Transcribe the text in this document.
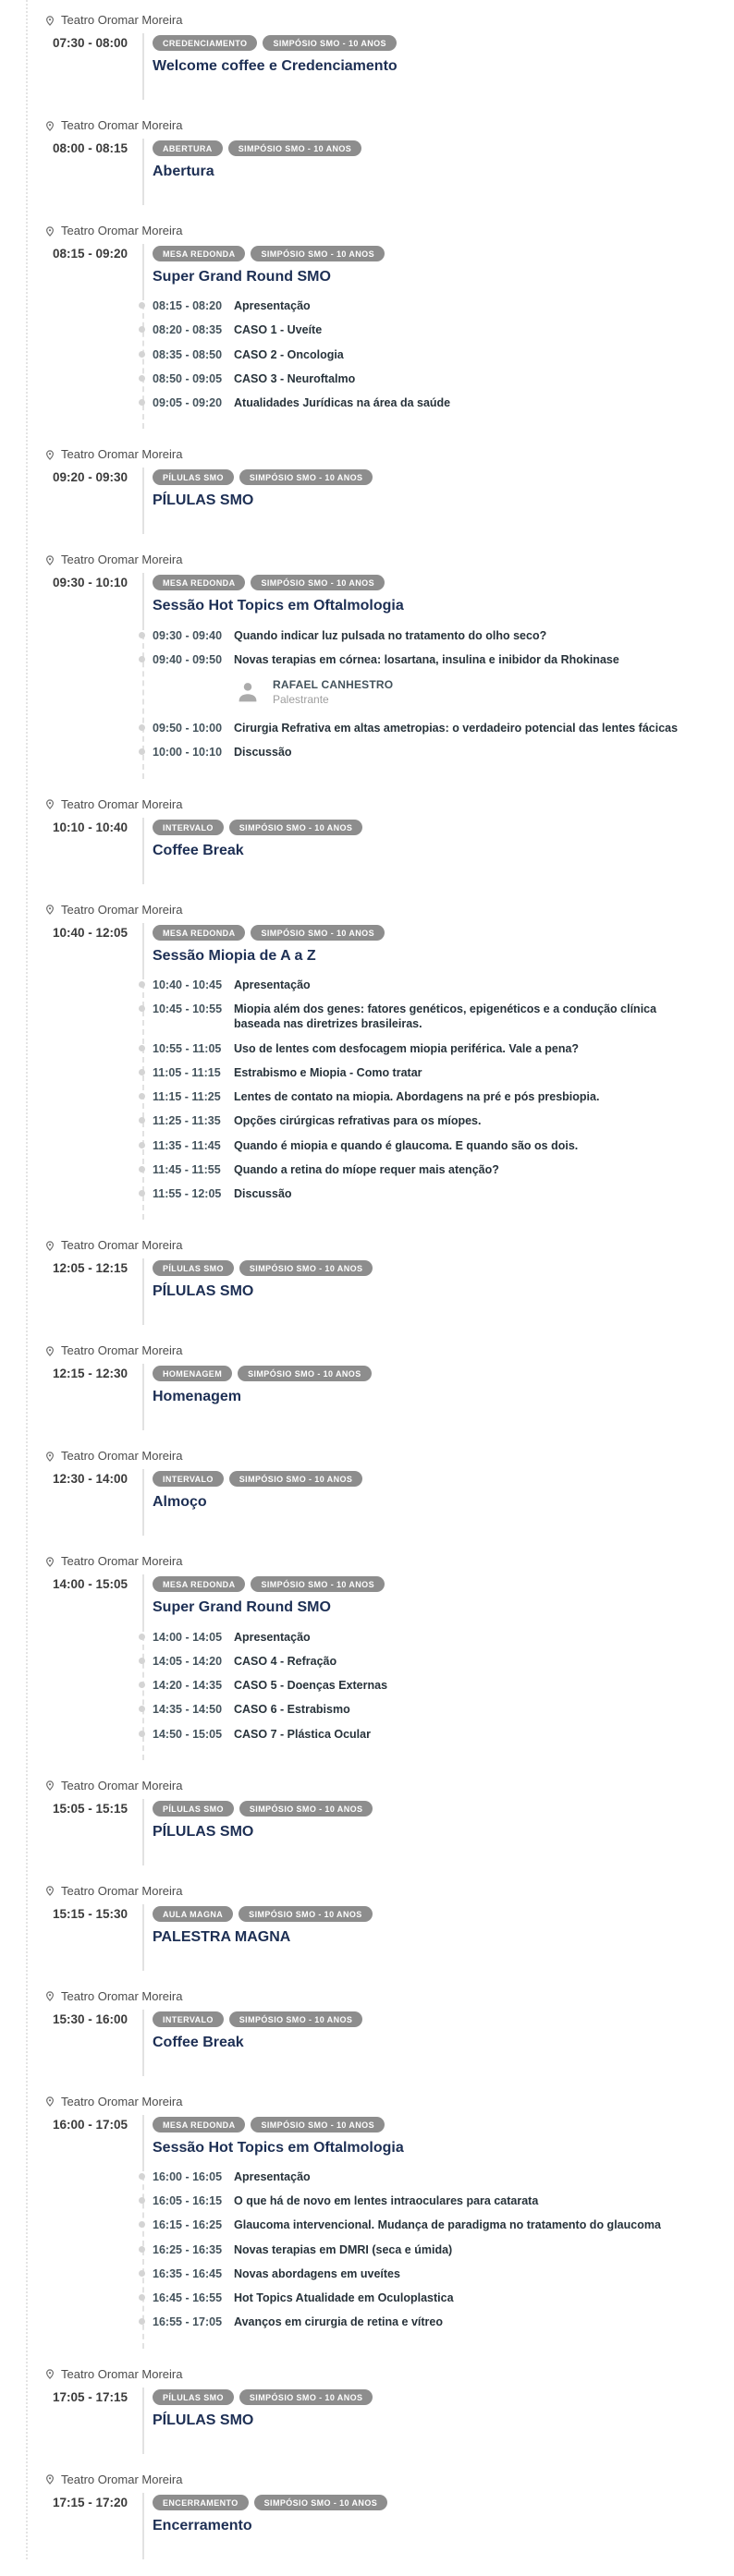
Teatro Oromar Moreira
07:30 - 08:00	CREDENCIAMENTO	SIMPÓSIO SMO - 10 ANOS
Welcome coffee e Credenciamento
Teatro Oromar Moreira
08:00 - 08:15	ABERTURA	SIMPÓSIO SMO - 10 ANOS
Abertura
Teatro Oromar Moreira
08:15 - 09:20	MESA REDONDA	SIMPÓSIO SMO - 10 ANOS
Super Grand Round SMO
08:15 - 08:20	Apresentação
08:20 - 08:35	CASO 1 - Uveíte
08:35 - 08:50	CASO 2 - Oncologia
08:50 - 09:05	CASO 3 - Neuroftalmo
09:05 - 09:20	Atualidades Jurídicas na área da saúde
Teatro Oromar Moreira
09:20 - 09:30	PÍLULAS SMO	SIMPÓSIO SMO - 10 ANOS
PÍLULAS SMO
Teatro Oromar Moreira
09:30 - 10:10	MESA REDONDA	SIMPÓSIO SMO - 10 ANOS
Sessão Hot Topics em Oftalmologia
09:30 - 09:40	Quando indicar luz pulsada no tratamento do olho seco?
09:40 - 09:50	Novas terapias em córnea: losartana, insulina e inibidor da Rhokinase
RAFAEL CANHESTRO
Palestrante
09:50 - 10:00	Cirurgia Refrativa em altas ametropias: o verdadeiro potencial das lentes fácicas
10:00 - 10:10	Discussão
Teatro Oromar Moreira
10:10 - 10:40	INTERVALO	SIMPÓSIO SMO - 10 ANOS
Coffee Break
Teatro Oromar Moreira
10:40 - 12:05	MESA REDONDA	SIMPÓSIO SMO - 10 ANOS
Sessão Miopia de A a Z
10:40 - 10:45	Apresentação
10:45 - 10:55	Miopia além dos genes: fatores genéticos, epigenéticos e a condução clínica baseada nas diretrizes brasileiras.
10:55 - 11:05	Uso de lentes com desfocagem miopia periférica. Vale a pena?
11:05 - 11:15	Estrabismo e Miopia - Como tratar
11:15 - 11:25	Lentes de contato na miopia. Abordagens na pré e pós presbiopia.
11:25 - 11:35	Opções cirúrgicas refrativas para os míopes.
11:35 - 11:45	Quando é miopia e quando é glaucoma. E quando são os dois.
11:45 - 11:55	Quando a retina do míope requer mais atenção?
11:55 - 12:05	Discussão
Teatro Oromar Moreira
12:05 - 12:15	PÍLULAS SMO	SIMPÓSIO SMO - 10 ANOS
PÍLULAS SMO
Teatro Oromar Moreira
12:15 - 12:30	HOMENAGEM	SIMPÓSIO SMO - 10 ANOS
Homenagem
Teatro Oromar Moreira
12:30 - 14:00	INTERVALO	SIMPÓSIO SMO - 10 ANOS
Almoço
Teatro Oromar Moreira
14:00 - 15:05	MESA REDONDA	SIMPÓSIO SMO - 10 ANOS
Super Grand Round SMO
14:00 - 14:05	Apresentação
14:05 - 14:20	CASO 4 - Refração
14:20 - 14:35	CASO 5 - Doenças Externas
14:35 - 14:50	CASO 6 - Estrabismo
14:50 - 15:05	CASO 7 - Plástica Ocular
Teatro Oromar Moreira
15:05 - 15:15	PÍLULAS SMO	SIMPÓSIO SMO - 10 ANOS
PÍLULAS SMO
Teatro Oromar Moreira
15:15 - 15:30	AULA MAGNA	SIMPÓSIO SMO - 10 ANOS
PALESTRA MAGNA
Teatro Oromar Moreira
15:30 - 16:00	INTERVALO	SIMPÓSIO SMO - 10 ANOS
Coffee Break
Teatro Oromar Moreira
16:00 - 17:05	MESA REDONDA	SIMPÓSIO SMO - 10 ANOS
Sessão Hot Topics em Oftalmologia
16:00 - 16:05	Apresentação
16:05 - 16:15	O que há de novo em lentes intraoculares para catarata
16:15 - 16:25	Glaucoma intervencional. Mudança de paradigma no tratamento do glaucoma
16:25 - 16:35	Novas terapias em DMRI (seca e úmida)
16:35 - 16:45	Novas abordagens em uveítes
16:45 - 16:55	Hot Topics Atualidade em Oculoplastica
16:55 - 17:05	Avanços em cirurgia de retina e vítreo
Teatro Oromar Moreira
17:05 - 17:15	PÍLULAS SMO	SIMPÓSIO SMO - 10 ANOS
PÍLULAS SMO
Teatro Oromar Moreira
17:15 - 17:20	ENCERRAMENTO	SIMPÓSIO SMO - 10 ANOS
Encerramento
